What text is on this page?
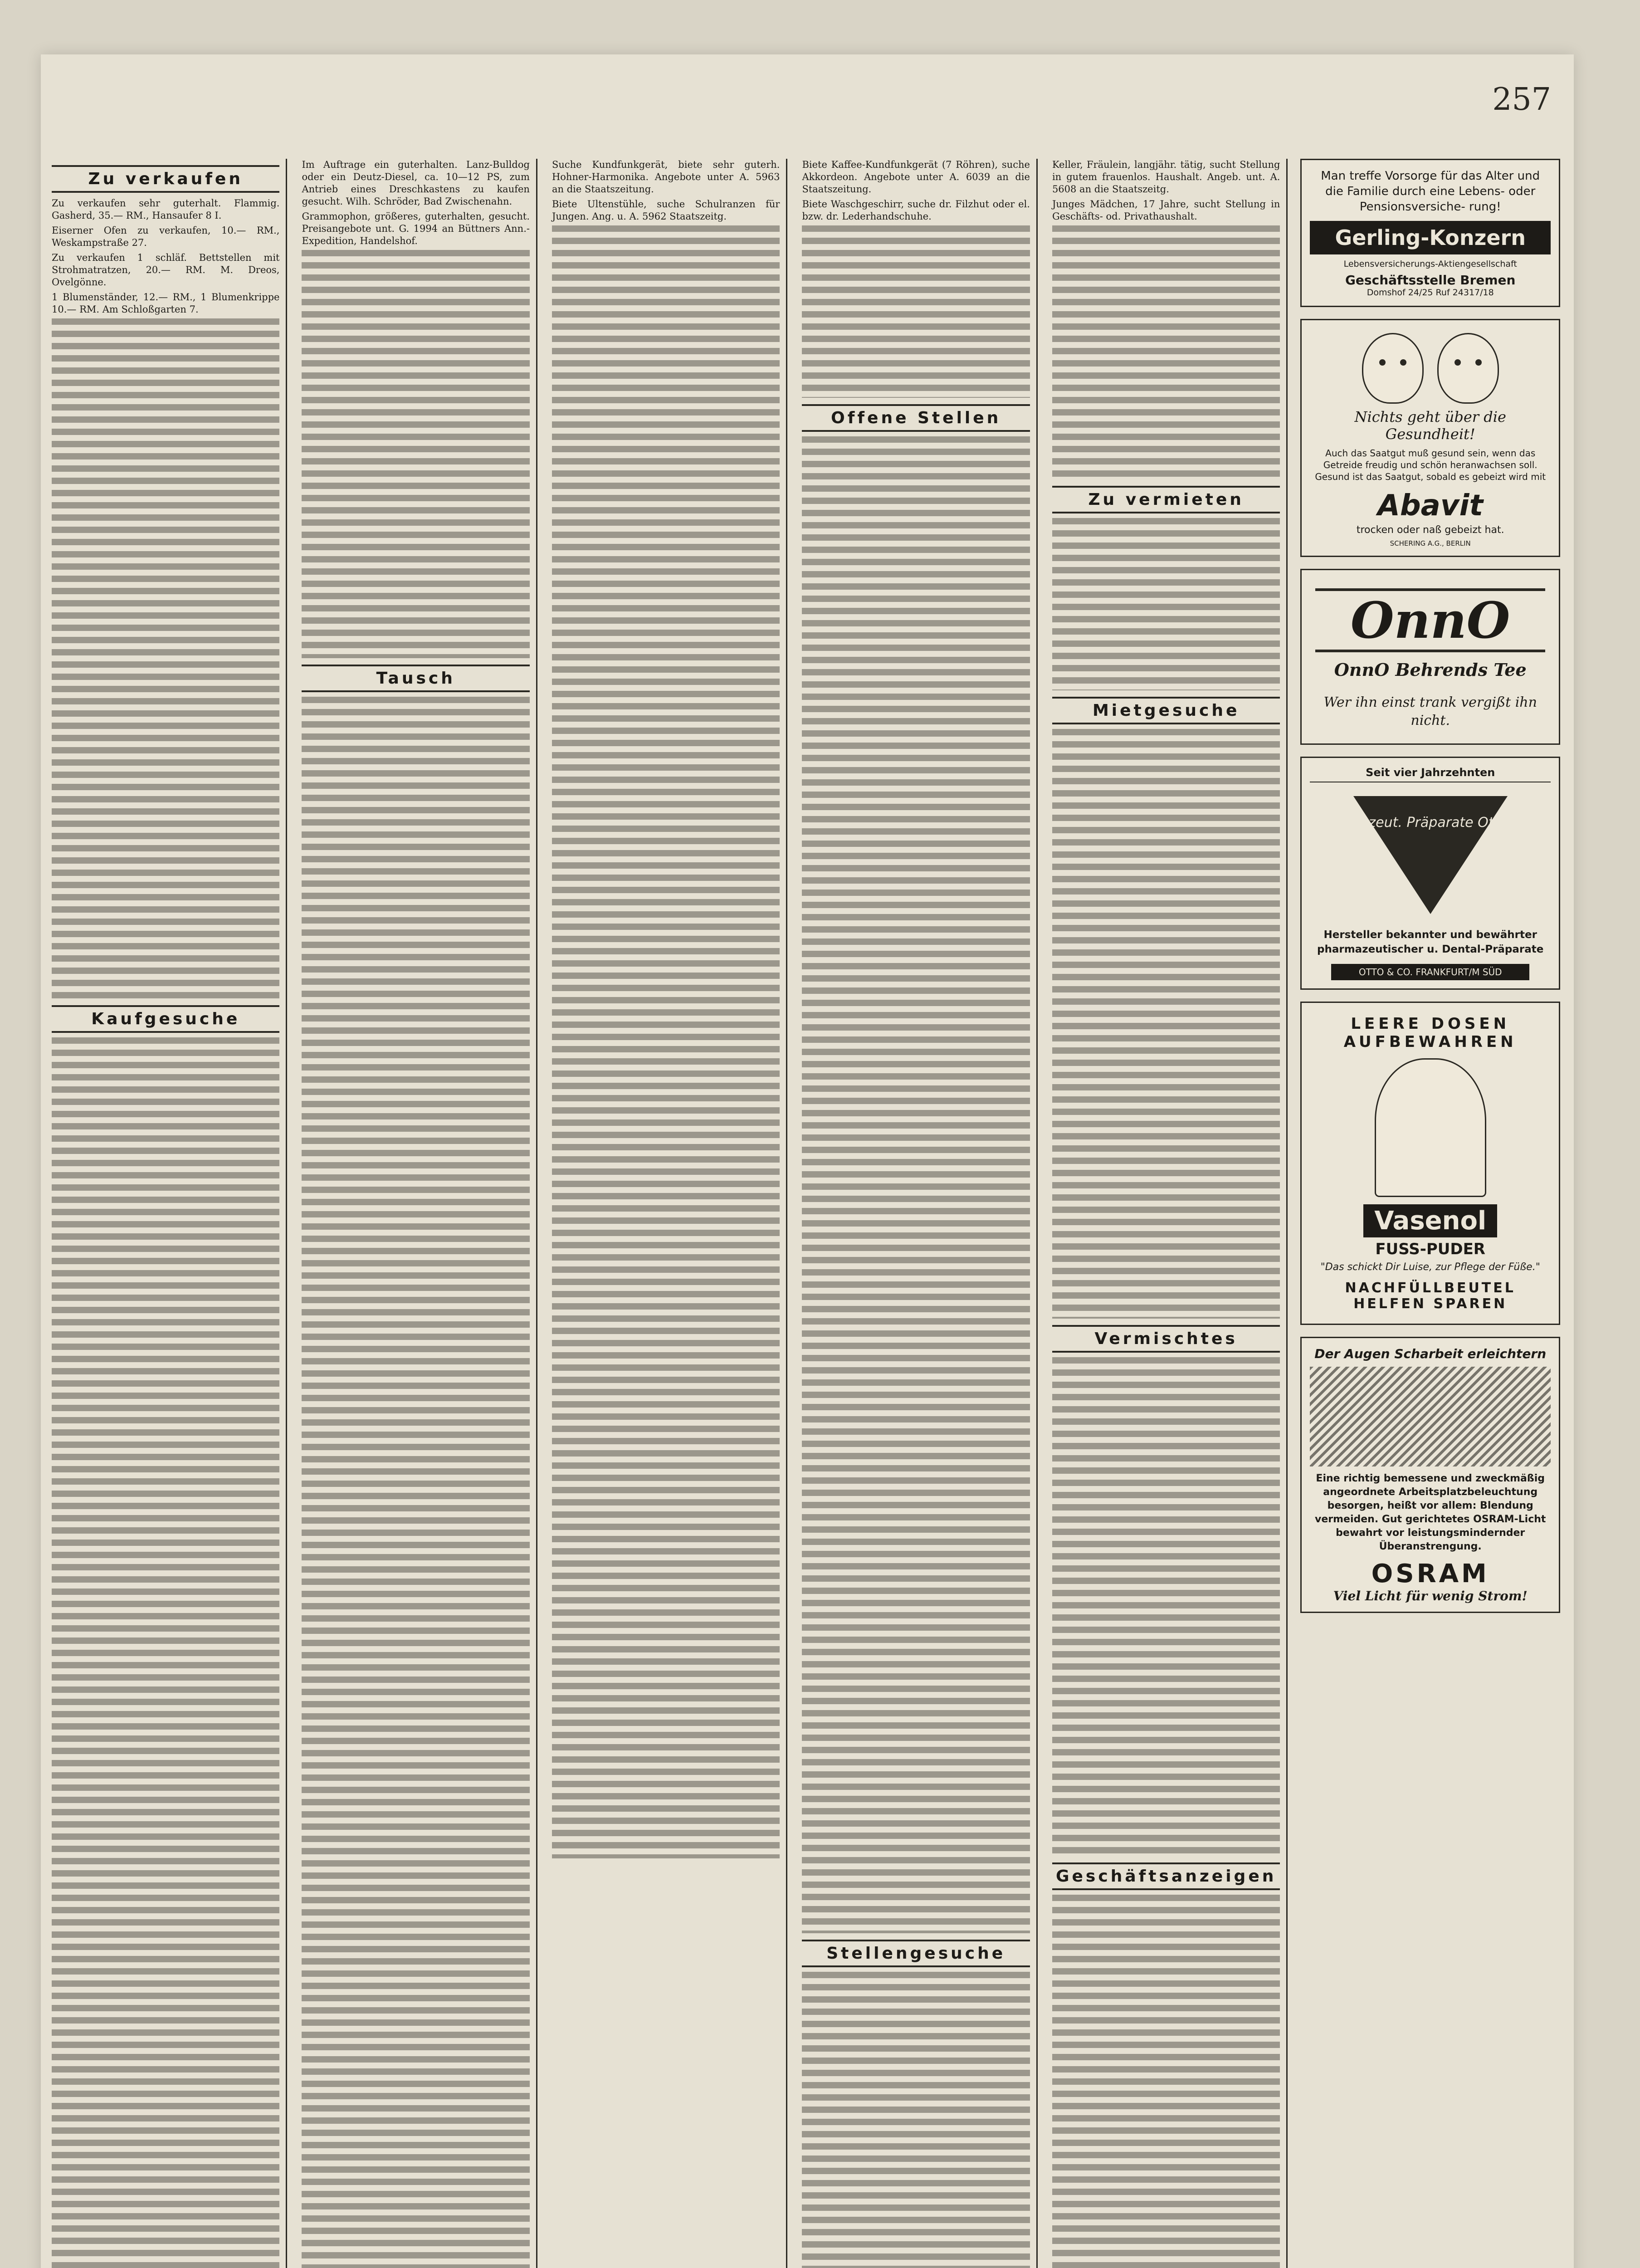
257
Zu verkaufen

Zu verkaufen sehr guterhalt. Flammig. Gasherd, 35.— RM., Hansaufer 8 I.

Eiserner Ofen zu verkaufen, 10.— RM., Weskampstraße 27.

Zu verkaufen 1 schläf. Bettstellen mit Strohmatratzen, 20.— RM. M. Dreos, Ovelgönne.

1 Blumenständer, 12.— RM., 1 Blumenkrippe 10.— RM. Am Schloßgarten 7.

Kaufgesuche

Im Auftrage ein guterhalten. Lanz-Bulldog oder ein Deutz-Diesel, ca. 10—12 PS, zum Antrieb eines Dreschkastens zu kaufen gesucht. Wilh. Schröder, Bad Zwischenahn.

Grammophon, größeres, guterhalten, gesucht. Preisangebote unt. G. 1994 an Büttners Ann.-Expedition, Handelshof.

Tausch

Suche Kundfunkgerät, biete sehr guterh. Hohner-Harmonika. Angebote unter A. 5963 an die Staatszeitung.

Biete Ultenstühle, suche Schulranzen für Jungen. Ang. u. A. 5962 Staatszeitg.

Biete Kaffee-Kundfunkgerät (7 Röhren), suche Akkordeon. Angebote unter A. 6039 an die Staatszeitung.

Biete Waschgeschirr, suche dr. Filzhut oder el. bzw. dr. Lederhandschuhe.

Offene Stellen
Stellengesuche

Keller, Fräulein, langjähr. tätig, sucht Stellung in gutem frauenlos. Haushalt. Angeb. unt. A. 5608 an die Staatszeitg.

Junges Mädchen, 17 Jahre, sucht Stellung in Geschäfts- od. Privathaushalt.

Zu vermieten
Mietgesuche
Vermischtes
Geschäftsanzeigen
Man treffe Vorsorge für das Alter und die Familie durch eine Lebens- oder Pensionsversiche- rung!
Gerling-Konzern
Lebensversicherungs-Aktiengesellschaft
Geschäftsstelle Bremen
Domshof 24/25 Ruf 24317/18
Nichts geht über die Gesundheit!
Auch das Saatgut muß gesund sein, wenn das Getreide freudig und schön heranwachsen soll. Gesund ist das Saatgut, sobald es gebeizt wird mit
Abavit
trocken oder naß gebeizt hat.
SCHERING A.G., BERLIN
OnnO
OnnO Behrends Tee
Wer ihn einst trank vergißt ihn nicht.
Seit vier Jahrzehnten
Pharmazeut. Präparate Otto & Co
Hersteller bekannter und bewährter pharmazeutischer u. Dental-Präparate
OTTO & CO. FRANKFURT/M SÜD
LEERE DOSEN AUFBEWAHREN
Vasenol
FUSS-PUDER
"Das schickt Dir Luise, zur Pflege der Füße."
NACHFÜLLBEUTEL HELFEN SPAREN
Der Augen Scharbeit erleichtern
Eine richtig bemessene und zweckmäßig angeordnete Arbeitsplatzbeleuchtung besorgen, heißt vor allem: Blendung vermeiden. Gut gerichtetes OSRAM-Licht bewahrt vor leistungsmindernder Überanstrengung.
OSRAM
Viel Licht für wenig Strom!
